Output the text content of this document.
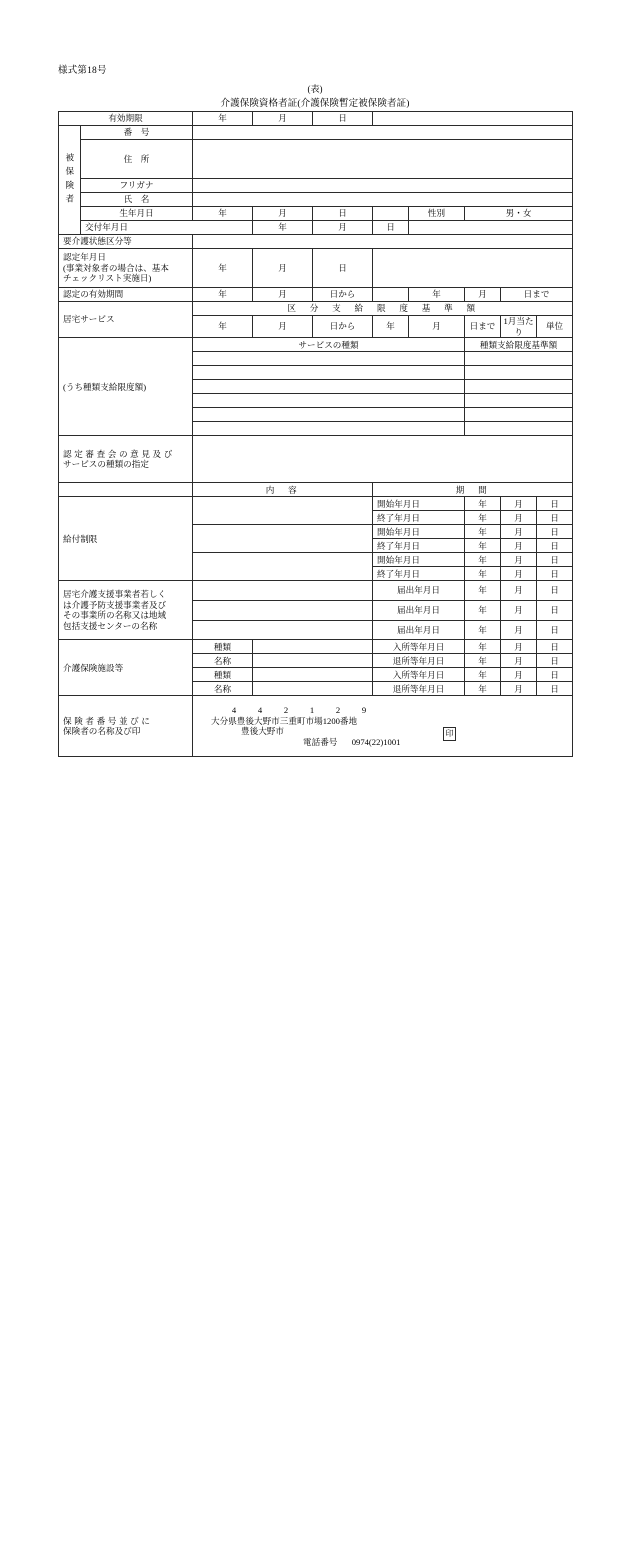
様式第18号
(表)
介護保険資格者証(介護保険暫定被保険者証)
有効期限		年	月	日					

被保険者	番　号								
	住　所								
	フリガナ								
	氏　名								
	生年月日	年	月	日		性別	男・女		
	交付年月日		年	月	日				
要介護状態区分等									

認定年月日
(事業対象者の場合は、基本
チェックリスト実施日)		年	月	日					
認定の有効期間		年	月	日から		年	月	日まで	
居宅サービス		区　分　支　給　限　度　基　準　額							
		年	月	日から	年	月	日まで	1月当たり	単位
(うち種類支給限度額)		サービスの種類					種類支給限度基準額		

認定審査会の意見及び
サービスの種類の指定									

		内　容			期　間				
給付制限					開始年月日		年	月	日
					終了年月日		年	月	日
					開始年月日		年	月	日
					終了年月日		年	月	日
					開始年月日		年	月	日
					終了年月日		年	月	日

居宅介護支援事業者若しく
は介護予防支援事業者及び
その事業所の名称又は地域
包括支援センターの名称					届出年月日		年	月	日
					届出年月日		年	月	日
					届出年月日		年	月	日
介護保険施設等		種類			入所等年月日		年	月	日
		名称			退所等年月日		年	月	日
		種類			入所等年月日		年	月	日
		名称			退所等年月日		年	月	日

保険者番号並びに
保険者の名称及び印

4	4	2	1	2	9
大分県豊後大野市三重町市場1200番地
豊後大野市	印
電話番号 0974(22)1001
